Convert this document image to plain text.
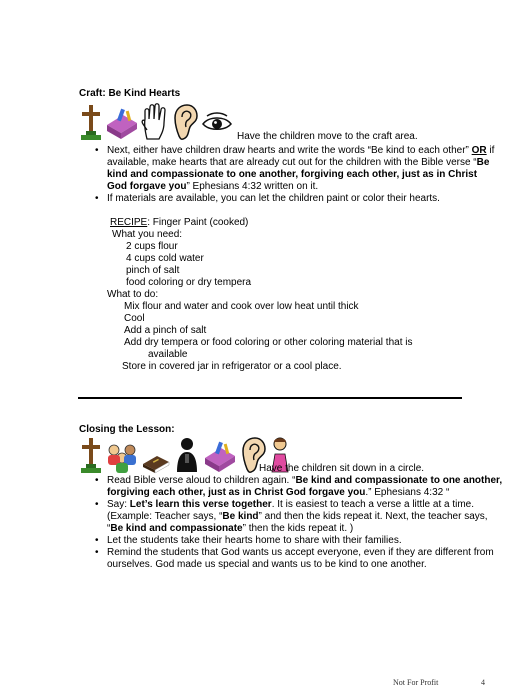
Craft: Be Kind Hearts
Have the children move to the craft area.
• Next, either have children draw hearts and write the words “Be kind to each other” OR if available, make hearts that are already cut out for the children with the Bible verse “Be kind and compassionate to one another, forgiving each other, just as in Christ God forgave you” Ephesians 4:32 written on it.
• If materials are available, you can let the children paint or color their hearts.
RECIPE: Finger Paint (cooked)
What you need:
2 cups flour
4 cups cold water
pinch of salt
food coloring or dry tempera
What to do:
Mix flour and water and cook over low heat until thick
Cool
Add a pinch of salt
Add dry tempera or food coloring or other coloring material that is
available
Store in covered jar in refrigerator or a cool place.
Closing the Lesson:
Have the children sit down in a circle.
• Read Bible verse aloud to children again. “Be kind and compassionate to one another, forgiving each other, just as in Christ God forgave you.” Ephesians 4:32 “
• Say: Let’s learn this verse together. It is easiest to teach a verse a little at a time. (Example: Teacher says, “Be kind” and then the kids repeat it. Next, the teacher says, “Be kind and compassionate” then the kids repeat it. )
• Let the students take their hearts home to share with their families.
• Remind the students that God wants us accept everyone, even if they are different from ourselves. God made us special and wants us to be kind to one another.
Not For Profit	4
